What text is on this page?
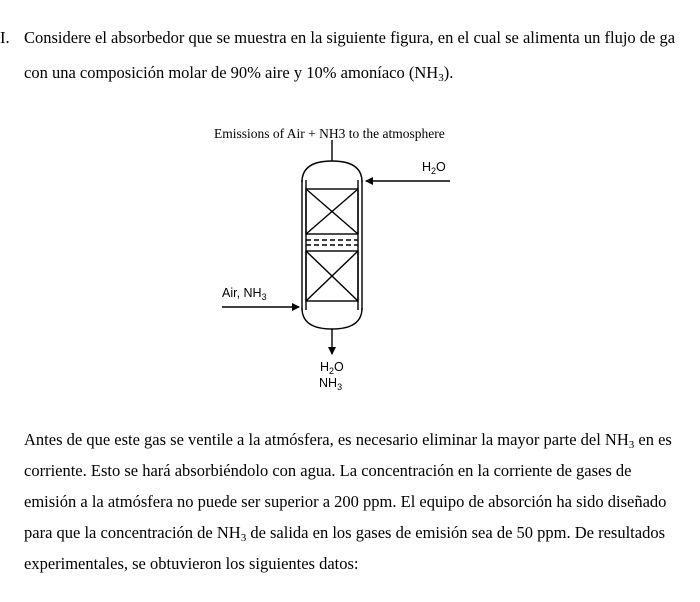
I. Considere el absorbedor que se muestra en la siguiente figura, en el cual se alimenta un flujo de ga
con una composición molar de 90% aire y 10% amoníaco $(NH_3)$.
Emissions of Air + NH3 to the atmosphere
$H_2O$
Air, $NH_3$
$H_2O$
$NH_3$
Antes de que este gas se ventile a la atmósfera, es necesario eliminar la mayor parte del $NH_3$ en es
corriente. Esto se hará absorbiéndolo con agua. La concentración en la corriente de gases de
emisión a la atmósfera no puede ser superior a 200 ppm. El equipo de absorción ha sido diseñado
para que la concentración de $NH_3$ de salida en los gases de emisión sea de 50 ppm. De resultados
experimentales, se obtuvieron los siguientes datos:
